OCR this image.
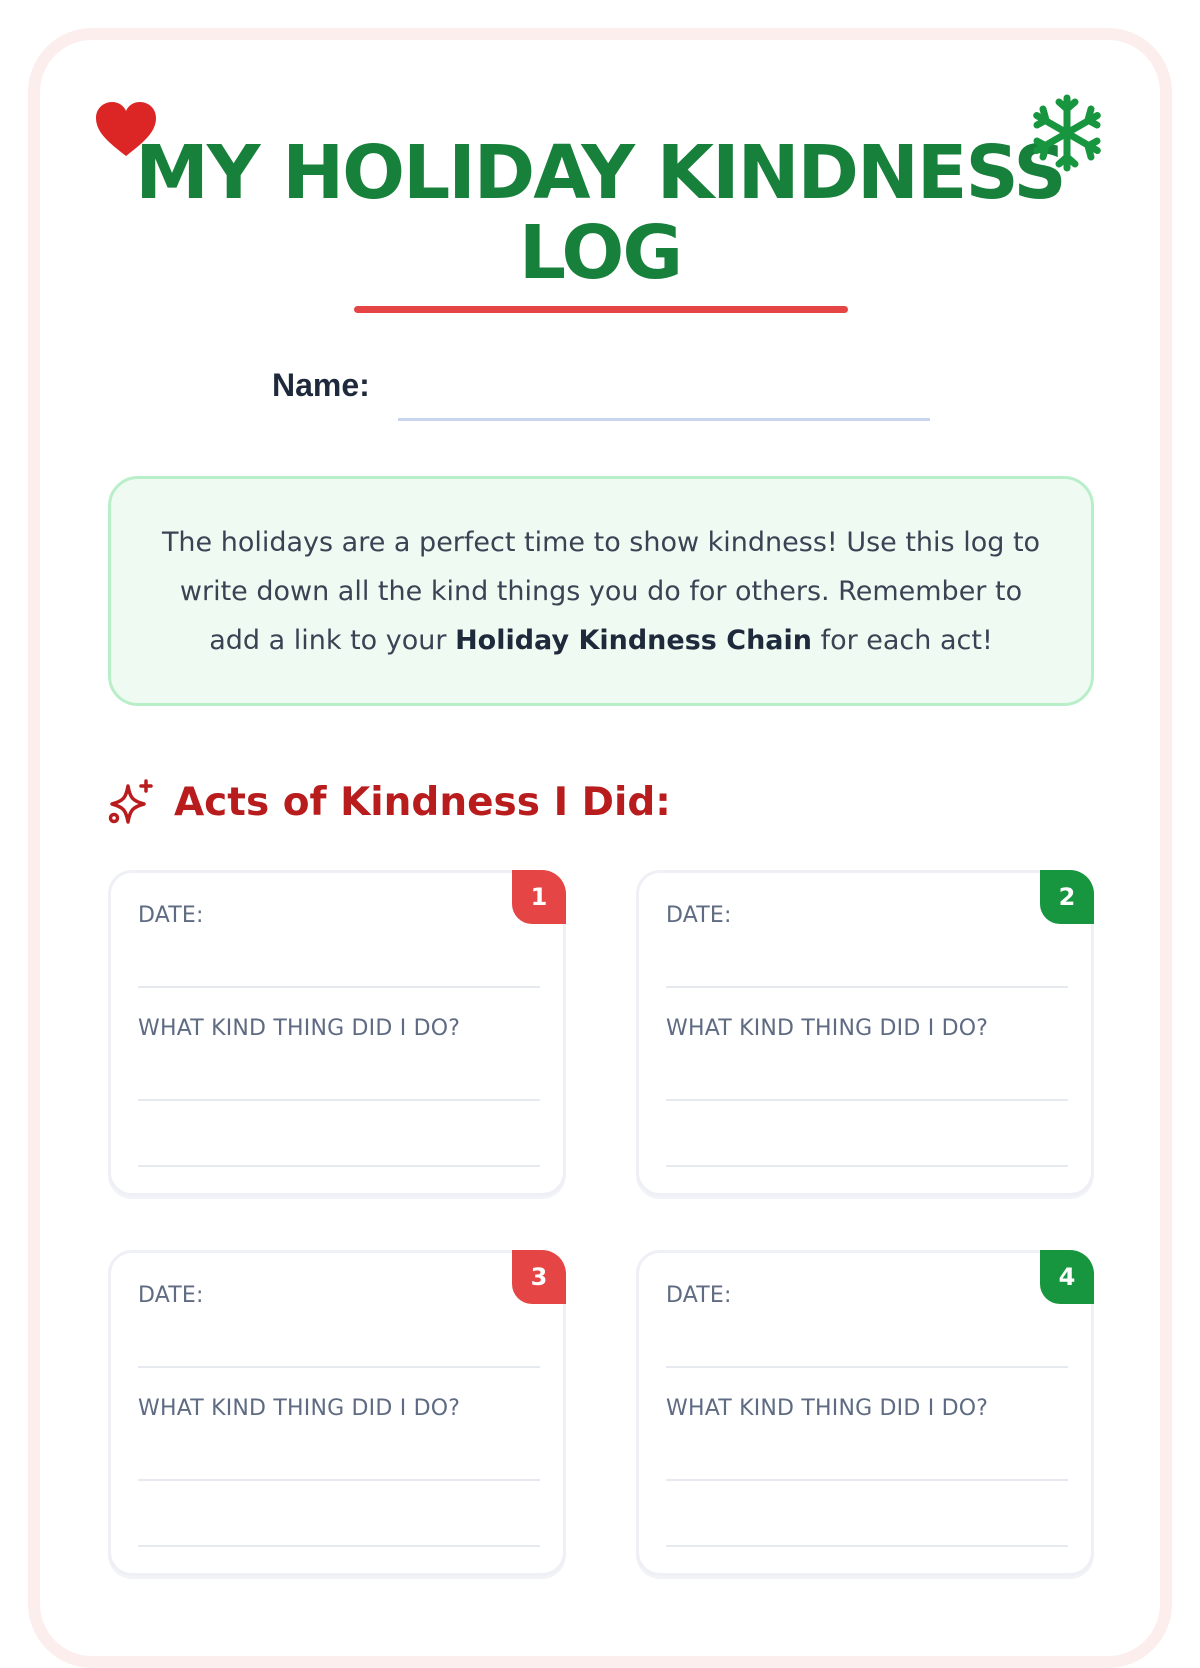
MY HOLIDAY KINDNESS
LOG
Name:

The holidays are a perfect time to show kindness! Use this log to write down all the kind things you do for others. Remember to add a link to your Holiday Kindness Chain for each act!

Acts of Kindness I Did:
1
DATE:
WHAT KIND THING DID I DO?
2
DATE:
WHAT KIND THING DID I DO?
3
DATE:
WHAT KIND THING DID I DO?
4
DATE:
WHAT KIND THING DID I DO?
